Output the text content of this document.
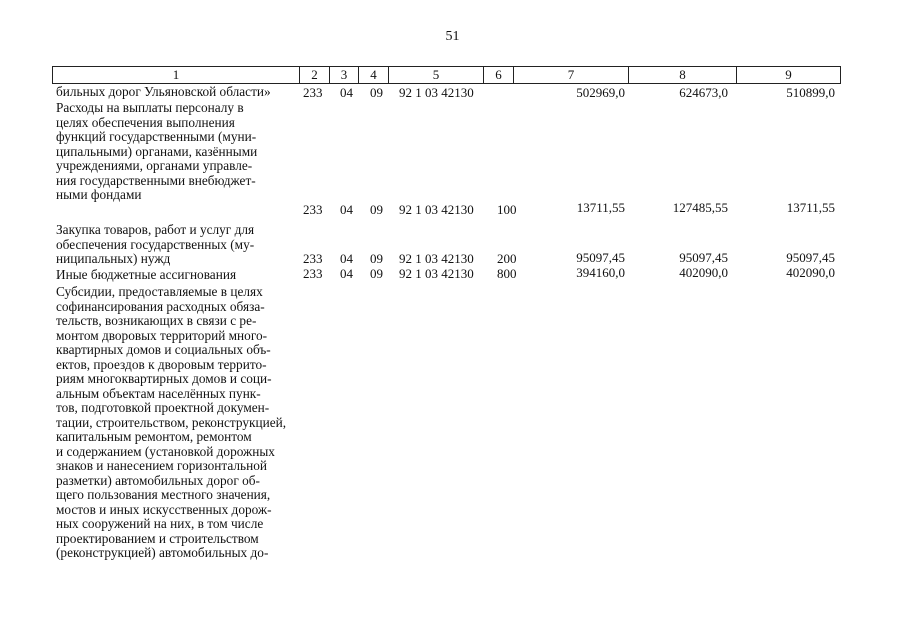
51
1	2	3	4	5	6	7	8	9
бильных дорог Ульяновской области»	233 04 09 92 1 03 42130	502969,0	624673,0	510899,0
Расходы на выплаты персоналу в
целях обеспечения выполнения
функций государственными (муни-
ципальными) органами, казёнными
учреждениями, органами управле-
ния государственными внебюджет-
ными фондами
233 04 09 92 1 03 42130 100	13711,55	127485,55	13711,55
Закупка товаров, работ и услуг для
обеспечения государственных (му-
ниципальных) нужд	233 04 09 92 1 03 42130 200	95097,45	95097,45	95097,45
Иные бюджетные ассигнования	233 04 09 92 1 03 42130 800	394160,0	402090,0	402090,0
Субсидии, предоставляемые в целях
софинансирования расходных обяза-
тельств, возникающих в связи с ре-
монтом дворовых территорий много-
квартирных домов и социальных объ-
ектов, проездов к дворовым террито-
риям многоквартирных домов и соци-
альным объектам населённых пунк-
тов, подготовкой проектной докумен-
тации, строительством, реконструкцией,
капитальным ремонтом, ремонтом
и содержанием (установкой дорожных
знаков и нанесением горизонтальной
разметки) автомобильных дорог об-
щего пользования местного значения,
мостов и иных искусственных дорож-
ных сооружений на них, в том числе
проектированием и строительством
(реконструкцией) автомобильных до-
